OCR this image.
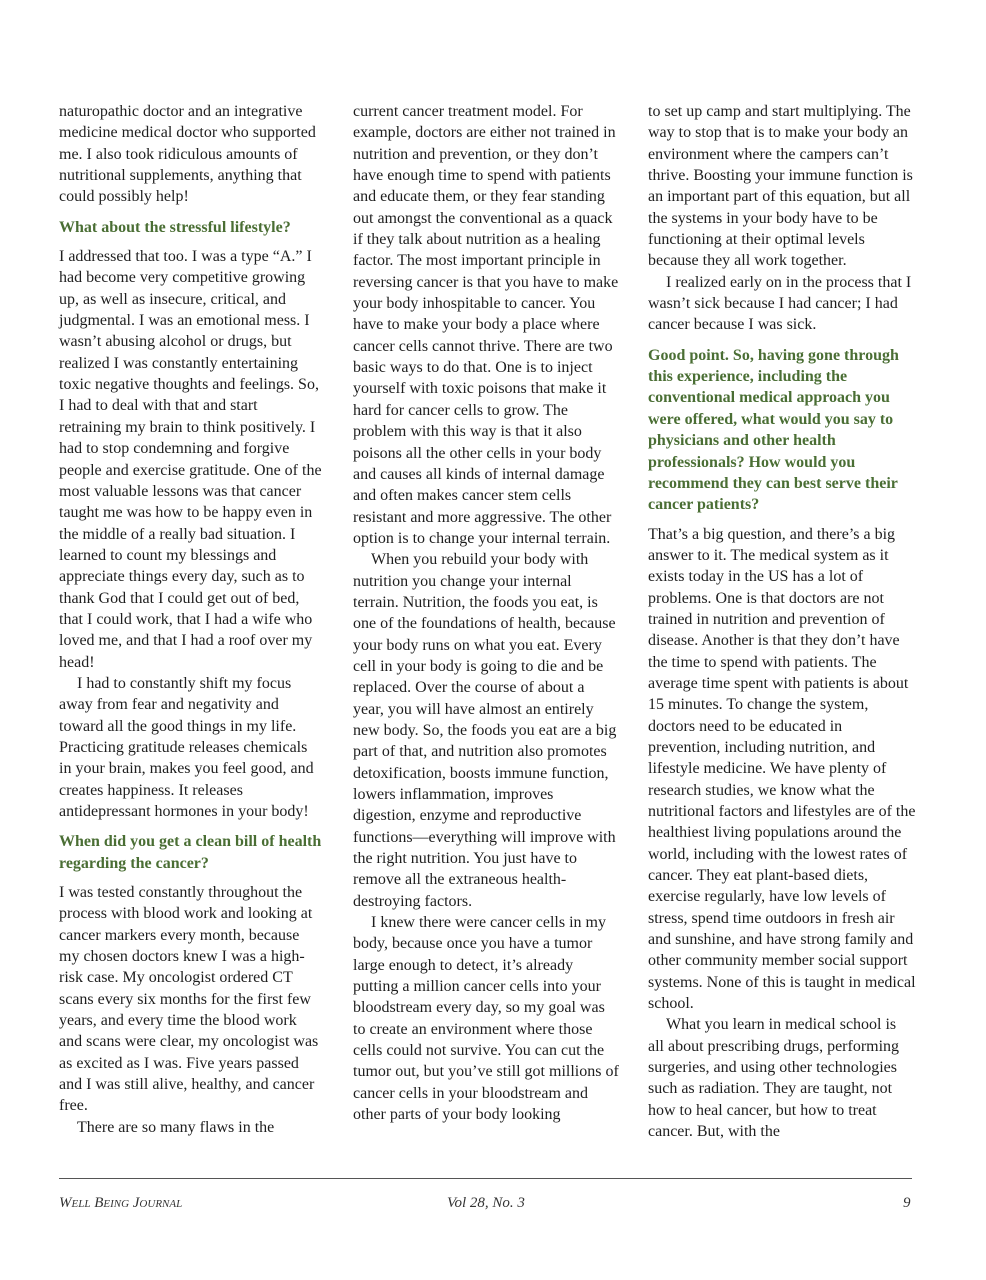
naturopathic doctor and an integrative medicine medical doctor who supported me. I also took ridiculous amounts of nutritional supplements, anything that could possibly help!

What about the stressful lifestyle?

I addressed that too. I was a type “A.” I had become very competitive growing up, as well as insecure, critical, and judgmental. I was an emotional mess. I wasn’t abusing alcohol or drugs, but realized I was constantly entertaining toxic negative thoughts and feelings. So, I had to deal with that and start retraining my brain to think positively. I had to stop condemning and forgive people and exercise gratitude. One of the most valuable lessons was that cancer taught me was how to be happy even in the middle of a really bad situation. I learned to count my blessings and appreciate things every day, such as to thank God that I could get out of bed, that I could work, that I had a wife who loved me, and that I had a roof over my head!

I had to constantly shift my focus away from fear and negativity and toward all the good things in my life. Practicing gratitude releases chemicals in your brain, makes you feel good, and creates happiness. It releases antidepressant hormones in your body!

When did you get a clean bill of health regarding the cancer?

I was tested constantly throughout the process with blood work and looking at cancer markers every month, because my chosen doctors knew I was a high-risk case. My oncologist ordered CT scans every six months for the first few years, and every time the blood work and scans were clear, my oncologist was as excited as I was. Five years passed and I was still alive, healthy, and cancer free.

There are so many flaws in the

current cancer treatment model. For example, doctors are either not trained in nutrition and prevention, or they don’t have enough time to spend with patients and educate them, or they fear standing out amongst the conventional as a quack if they talk about nutrition as a healing factor. The most important principle in reversing cancer is that you have to make your body inhospitable to cancer. You have to make your body a place where cancer cells cannot thrive. There are two basic ways to do that. One is to inject yourself with toxic poisons that make it hard for cancer cells to grow. The problem with this way is that it also poisons all the other cells in your body and causes all kinds of internal damage and often makes cancer stem cells resistant and more aggressive. The other option is to change your internal terrain.

When you rebuild your body with nutrition you change your internal terrain. Nutrition, the foods you eat, is one of the foundations of health, because your body runs on what you eat. Every cell in your body is going to die and be replaced. Over the course of about a year, you will have almost an entirely new body. So, the foods you eat are a big part of that, and nutrition also promotes detoxification, boosts immune function, lowers inflammation, improves digestion, enzyme and reproductive functions—everything will improve with the right nutrition. You just have to remove all the extraneous health-destroying factors.

I knew there were cancer cells in my body, because once you have a tumor large enough to detect, it’s already putting a million cancer cells into your bloodstream every day, so my goal was to create an environment where those cells could not survive. You can cut the tumor out, but you’ve still got millions of cancer cells in your bloodstream and other parts of your body looking

to set up camp and start multiplying. The way to stop that is to make your body an environment where the campers can’t thrive. Boosting your immune function is an important part of this equation, but all the systems in your body have to be functioning at their optimal levels because they all work together.

I realized early on in the process that I wasn’t sick because I had cancer; I had cancer because I was sick.

Good point. So, having gone through this experience, including the conventional medical approach you were offered, what would you say to physicians and other health professionals? How would you recommend they can best serve their cancer patients?

That’s a big question, and there’s a big answer to it. The medical system as it exists today in the US has a lot of problems. One is that doctors are not trained in nutrition and prevention of disease. Another is that they don’t have the time to spend with patients. The average time spent with patients is about 15 minutes. To change the system, doctors need to be educated in prevention, including nutrition, and lifestyle medicine. We have plenty of research studies, we know what the nutritional factors and lifestyles are of the healthiest living populations around the world, including with the lowest rates of cancer. They eat plant-based diets, exercise regularly, have low levels of stress, spend time outdoors in fresh air and sunshine, and have strong family and other community member social support systems. None of this is taught in medical school.

What you learn in medical school is all about prescribing drugs, performing surgeries, and using other technologies such as radiation. They are taught, not how to heal cancer, but how to treat cancer. But, with the

Well Being Journal	Vol 28, No. 3	9
